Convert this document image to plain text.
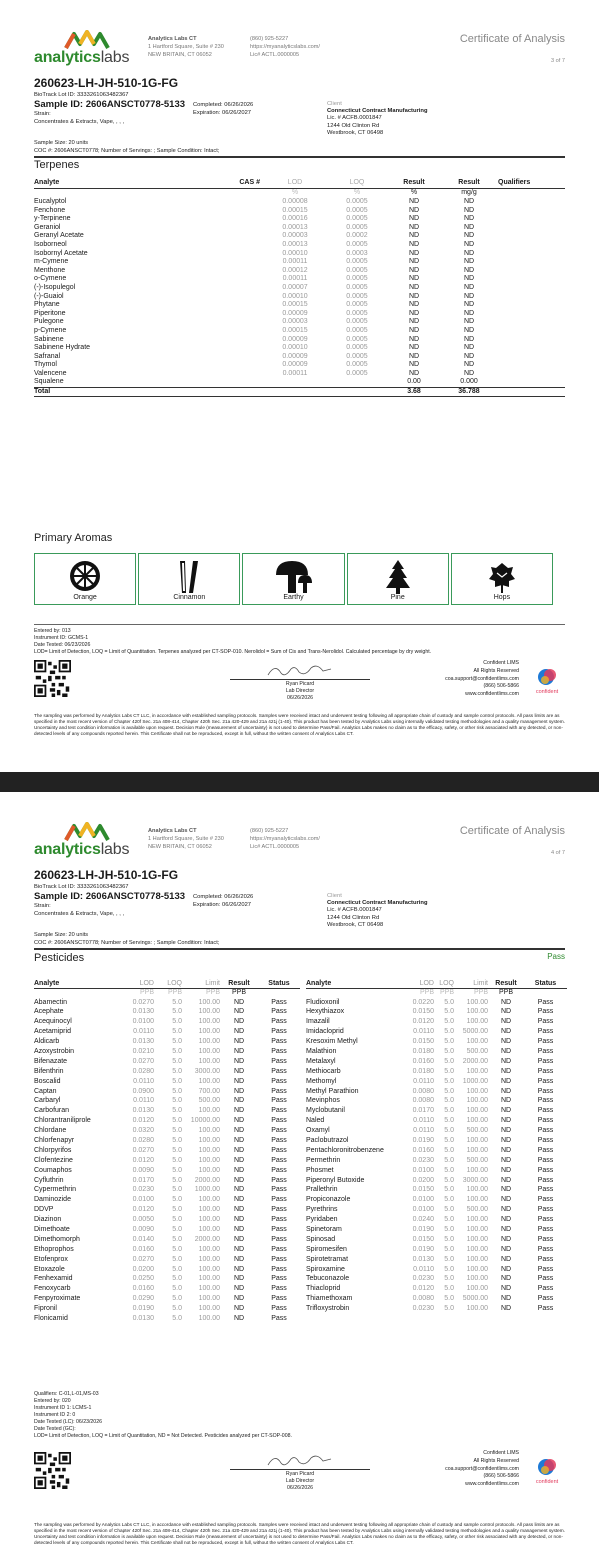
analyticslabs
Analytics Labs CT
1 Hartford Square, Suite # 230
NEW BRITAIN, CT 06052
(860) 925-5227
https://myanalyticslabs.com/
Lic# ACTL.0000005
Certificate of Analysis
3 of 7
260623-LH-JH-510-1G-FG
BioTrack Lot ID: 3333261063482367
Sample ID: 2606ANSCT0778-5133 Completed: 06/26/2026
Expiration: 06/26/2027
Strain:
Concentrates & Extracts, Vape, , , ,
Client
Connecticut Contract Manufacturing
Lic. # ACFB.0001847
1244 Old Clinton Rd
Westbrook, CT 06498
Sample Size: 20 units
COC #: 2606ANSCT0778; Number of Servings: ; Sample Condition: Intact;
Terpenes
Analyte	CAS #	LOD	LOQ	Result	Result	Qualifiers
		%	%	%	mg/g	
Eucalyptol		0.00008	0.0005	ND	ND	
Fenchone		0.00015	0.0005	ND	ND	
y-Terpinene		0.00016	0.0005	ND	ND	
Geraniol		0.00013	0.0005	ND	ND	
Geranyl Acetate		0.00003	0.0002	ND	ND	
Isoborneol		0.00013	0.0005	ND	ND	
Isobornyl Acetate		0.00010	0.0003	ND	ND	
m-Cymene		0.00011	0.0005	ND	ND	
Menthone		0.00012	0.0005	ND	ND	
o-Cymene		0.00011	0.0005	ND	ND	
(-)-Isopulegol		0.00007	0.0005	ND	ND	
(-)-Guaiol		0.00010	0.0005	ND	ND	
Phytane		0.00015	0.0005	ND	ND	
Piperitone		0.00009	0.0005	ND	ND	
Pulegone		0.00003	0.0005	ND	ND	
p-Cymene		0.00015	0.0005	ND	ND	
Sabinene		0.00009	0.0005	ND	ND	
Sabinene Hydrate		0.00010	0.0005	ND	ND	
Safranal		0.00009	0.0005	ND	ND	
Thymol		0.00009	0.0005	ND	ND	
Valencene		0.00011	0.0005	ND	ND	
Squalene				0.00	0.000	
Total				3.68	36.788	
Primary Aromas
Orange	Cinnamon	Earthy	Pine	Hops
Entered by: 013
Instrument ID: GCMS-1
Date Tested: 06/23/2026
LOD= Limit of Detection, LOQ = Limit of Quantitation. Terpenes analyzed per CT-SOP-010. Nerolidol = Sum of Cis and Trans-Nerolidol. Calculated percentage by dry weight.
Ryan Picard
Lab Director
06/26/2026
Confident LIMS
All Rights Reserved
coa.support@confidentlims.com
(866) 506-5866
www.confidentlims.com	confident
The sampling was performed by Analytics Labs CT LLC, in accordance with established sampling protocols. Samples were received intact and underwent testing following all appropriate chain of custody and sample control protocols. All pass limits are as specified in the most recent version of Chapter 420f Sec. 21a 408-414, Chapter 420h Sec. 21a 420-429 and 21a 421j (1-40). This product has been tested by Analytics Labs using internally validated testing methodologies and a quality management system. Uncertainty and test condition information is available upon request. Decision Rule (measurement of uncertainty) is not used to determine Pass/Fail. Analytics Labs makes no claim as to the efficacy, safety, or other risk associated with any detected, or non-detected levels of any compounds reported herein. This Certificate shall not be reproduced, except in full, without the written consent of Analytics Labs CT.
analyticslabs
Analytics Labs CT
1 Hartford Square, Suite # 230
NEW BRITAIN, CT 06052
(860) 925-5227
https://myanalyticslabs.com/
Lic# ACTL.0000005
Certificate of Analysis
4 of 7
260623-LH-JH-510-1G-FG
BioTrack Lot ID: 3333261063482367
Sample ID: 2606ANSCT0778-5133 Completed: 06/26/2026
Expiration: 06/26/2027
Strain:
Concentrates & Extracts, Vape, , , ,
Client
Connecticut Contract Manufacturing
Lic. # ACFB.0001847
1244 Old Clinton Rd
Westbrook, CT 06498
Sample Size: 20 units
COC #: 2606ANSCT0778; Number of Servings: ; Sample Condition: Intact;
Pesticides	Pass
Analyte	LOD	LOQ	Limit	Result	Status
	PPB	PPB	PPB	PPB	
Abamectin	0.0270	5.0	100.00	ND	Pass
Acephate	0.0130	5.0	100.00	ND	Pass
Acequinocyl	0.0100	5.0	100.00	ND	Pass
Acetamiprid	0.0110	5.0	100.00	ND	Pass
Aldicarb	0.0130	5.0	100.00	ND	Pass
Azoxystrobin	0.0210	5.0	100.00	ND	Pass
Bifenazate	0.0270	5.0	100.00	ND	Pass
Bifenthrin	0.0280	5.0	3000.00	ND	Pass
Boscalid	0.0110	5.0	100.00	ND	Pass
Captan	0.0900	5.0	700.00	ND	Pass
Carbaryl	0.0110	5.0	500.00	ND	Pass
Carbofuran	0.0130	5.0	100.00	ND	Pass
Chlorantraniliprole	0.0120	5.0	10000.00	ND	Pass
Chlordane	0.0320	5.0	100.00	ND	Pass
Chlorfenapyr	0.0280	5.0	100.00	ND	Pass
Chlorpyrifos	0.0270	5.0	100.00	ND	Pass
Clofentezine	0.0120	5.0	100.00	ND	Pass
Coumaphos	0.0090	5.0	100.00	ND	Pass
Cyfluthrin	0.0170	5.0	2000.00	ND	Pass
Cypermethrin	0.0230	5.0	1000.00	ND	Pass
Daminozide	0.0100	5.0	100.00	ND	Pass
DDVP	0.0120	5.0	100.00	ND	Pass
Diazinon	0.0050	5.0	100.00	ND	Pass
Dimethoate	0.0090	5.0	100.00	ND	Pass
Dimethomorph	0.0140	5.0	2000.00	ND	Pass
Ethoprophos	0.0160	5.0	100.00	ND	Pass
Etofenprox	0.0270	5.0	100.00	ND	Pass
Etoxazole	0.0200	5.0	100.00	ND	Pass
Fenhexamid	0.0250	5.0	100.00	ND	Pass
Fenoxycarb	0.0160	5.0	100.00	ND	Pass
Fenpyroximate	0.0290	5.0	100.00	ND	Pass
Fipronil	0.0190	5.0	100.00	ND	Pass
Flonicamid	0.0130	5.0	100.00	ND	Pass
Analyte	LOD	LOQ	Limit	Result	Status
	PPB	PPB	PPB	PPB	
Fludioxonil	0.0220	5.0	100.00	ND	Pass
Hexythiazox	0.0150	5.0	100.00	ND	Pass
Imazalil	0.0120	5.0	100.00	ND	Pass
Imidacloprid	0.0110	5.0	5000.00	ND	Pass
Kresoxim Methyl	0.0150	5.0	100.00	ND	Pass
Malathion	0.0180	5.0	500.00	ND	Pass
Metalaxyl	0.0160	5.0	2000.00	ND	Pass
Methiocarb	0.0180	5.0	100.00	ND	Pass
Methomyl	0.0110	5.0	1000.00	ND	Pass
Methyl Parathion	0.0080	5.0	100.00	ND	Pass
Mevinphos	0.0080	5.0	100.00	ND	Pass
Myclobutanil	0.0170	5.0	100.00	ND	Pass
Naled	0.0110	5.0	100.00	ND	Pass
Oxamyl	0.0110	5.0	500.00	ND	Pass
Paclobutrazol	0.0190	5.0	100.00	ND	Pass
Pentachloronitrobenzene	0.0160	5.0	100.00	ND	Pass
Permethrin	0.0230	5.0	500.00	ND	Pass
Phosmet	0.0100	5.0	100.00	ND	Pass
Piperonyl Butoxide	0.0200	5.0	3000.00	ND	Pass
Prallethrin	0.0150	5.0	100.00	ND	Pass
Propiconazole	0.0100	5.0	100.00	ND	Pass
Pyrethrins	0.0100	5.0	500.00	ND	Pass
Pyridaben	0.0240	5.0	100.00	ND	Pass
Spinetoram	0.0190	5.0	100.00	ND	Pass
Spinosad	0.0150	5.0	100.00	ND	Pass
Spiromesifen	0.0190	5.0	100.00	ND	Pass
Spirotetramat	0.0130	5.0	100.00	ND	Pass
Spiroxamine	0.0110	5.0	100.00	ND	Pass
Tebuconazole	0.0230	5.0	100.00	ND	Pass
Thiacloprid	0.0120	5.0	100.00	ND	Pass
Thiamethoxam	0.0080	5.0	5000.00	ND	Pass
Trifloxystrobin	0.0230	5.0	100.00	ND	Pass
Qualifiers: C-01,L-01,MS-03
Entered by: 020
Instrument ID 1: LCMS-1
Instrument ID 2: 0
Date Tested (LC): 06/23/2026
Date Tested (GC):
LOD= Limit of Detection, LOQ = Limit of Quantitation, ND = Not Detected. Pesticides analyzed per CT-SOP-008.
Ryan Picard
Lab Director
06/26/2026
Confident LIMS
All Rights Reserved
coa.support@confidentlims.com
(866) 506-5866
www.confidentlims.com	confident
The sampling was performed by Analytics Labs CT LLC, in accordance with established sampling protocols. Samples were received intact and underwent testing following all appropriate chain of custody and sample control protocols. All pass limits are as specified in the most recent version of Chapter 420f Sec. 21a 408-414, Chapter 420h Sec. 21a 420-429 and 21a 421j (1-40). This product has been tested by Analytics Labs using internally validated testing methodologies and a quality management system. Uncertainty and test condition information is available upon request. Decision Rule (measurement of uncertainty) is not used to determine Pass/Fail. Analytics Labs makes no claim as to the efficacy, safety, or other risk associated with any detected, or non-detected levels of any compounds reported herein. This Certificate shall not be reproduced, except in full, without the written consent of Analytics Labs CT.
